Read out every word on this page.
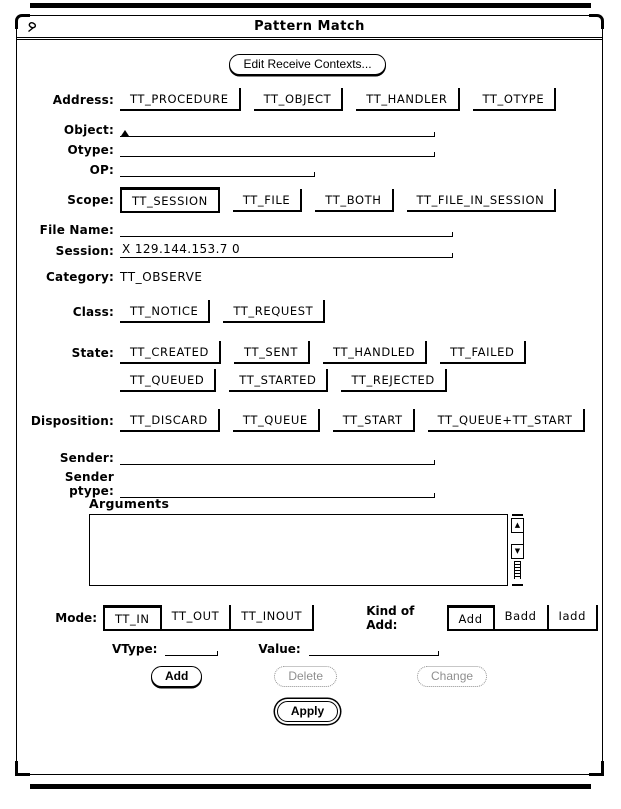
Pattern Match
Edit Receive Contexts...
Address:	TT_PROCEDURE	TT_OBJECT	TT_HANDLER	TT_OTYPE
Object:
Otype:
OP:
Scope:	TT_SESSION	TT_FILE	TT_BOTH	TT_FILE_IN_SESSION
File Name:
Session: X 129.144.153.7 0
Category: TT_OBSERVE
Class:	TT_NOTICE	TT_REQUEST
State:	TT_CREATED	TT_SENT	TT_HANDLED	TT_FAILED
TT_QUEUED	TT_STARTED	TT_REJECTED
Disposition:	TT_DISCARD	TT_QUEUE	TT_START	TT_QUEUE+TT_START
Sender:
Sender ptype:
Arguments
▲
▼
Mode:	TT_IN	TT_OUT	TT_INOUT	Kind of Add:	Add	Badd	Iadd
VType:	Value:
Add	Delete	Change
Apply
